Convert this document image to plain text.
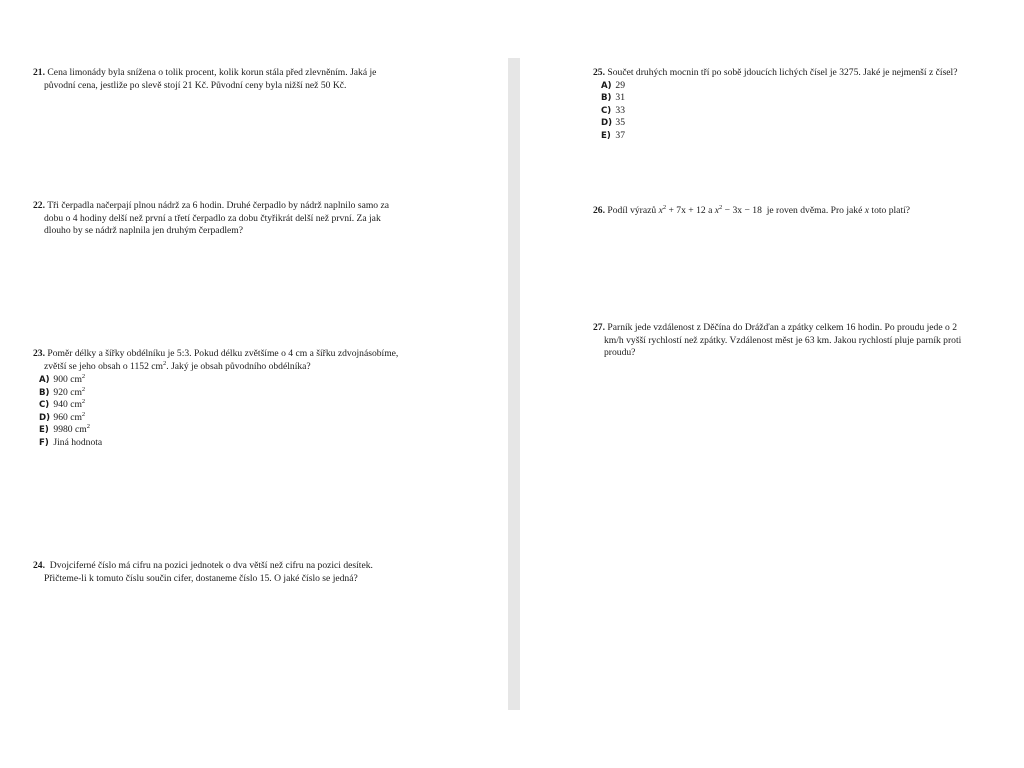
21. Cena limonády byla snížena o tolik procent, kolik korun stála před zlevněním. Jaká je

původní cena, jestliže po slevě stojí 21 Kč. Původní ceny byla nižší než 50 Kč.

22. Tři čerpadla načerpají plnou nádrž za 6 hodin. Druhé čerpadlo by nádrž naplnilo samo za

dobu o 4 hodiny delší než první a třetí čerpadlo za dobu čtyřikrát delší než první. Za jak

dlouho by se nádrž naplnila jen druhým čerpadlem?

23. Poměr délky a šířky obdélníku je 5:3. Pokud délku zvětšíme o 4 cm a šířku zdvojnásobíme,

zvětší se jeho obsah o 1152 $cm^2$. Jaký je obsah původního obdélníka?

A) 900 $cm^2$
B) 920 $cm^2$
C) 940 $cm^2$
D) 960 $cm^2$
E) 9980 $cm^2$
F) Jiná hodnota

24. Dvojciferné číslo má cifru na pozici jednotek o dva větší než cifru na pozici desítek.

Přičteme-li k tomuto číslu součin cifer, dostaneme číslo 15. O jaké číslo se jedná?

25. Součet druhých mocnin tří po sobě jdoucích lichých čísel je 3275. Jaké je nejmenší z čísel?

A) 29
B) 31
C) 33
D) 35
E) 37

26. Podíl výrazů $x^2 + 7x + 12$ a $x^2 - 3x - 18$  je roven dvěma. Pro jaké x toto platí?

27. Parník jede vzdálenost z Děčína do Drážďan a zpátky celkem 16 hodin. Po proudu jede o 2

km/h vyšší rychlostí než zpátky. Vzdálenost měst je 63 km. Jakou rychlostí pluje parník proti

proudu?
